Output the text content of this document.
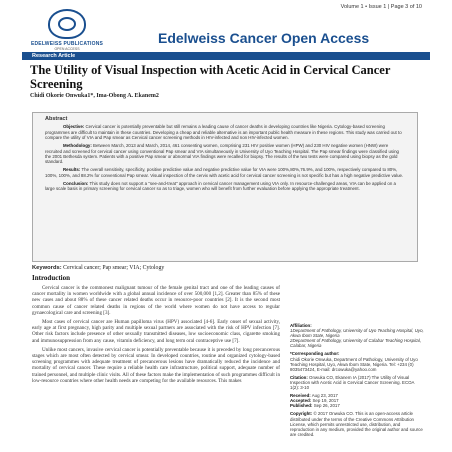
Volume 1 • Issue 1 | Page 3 of 10
EDELWEISS PUBLICATIONS
OPEN ACCESS
Edelweiss Cancer Open Access
Research Article
The Utility of Visual Inspection with Acetic Acid in Cervical Cancer Screening
Chidi Okorie Onwuka1*, Ima-Obong A. Ekanem2
Abstract

Objective: Cervical cancer is potentially preventable but still remains a leading cause of cancer deaths in developing countries like Nigeria. Cytology-based screening programmes are difficult to maintain in these countries. Developing a cheap and reliable alternative is an important public health measure in these regions. This study was carried out to compare the utility of VIA and Pap smear as Cervical cancer screening methods in HIV-infected and non HIV-infected women.

Methodology: Between March, 2013 and March, 2014, 461 consenting women, comprising 231 HIV positive women (HPW) and 230 HIV negative women (HNW) were recruited and screened for cervical cancer using conventional Pap smear and VIA simultaneously in University of Uyo Teaching Hospital. The Pap smear findings were classified using the 2001 Bethesda system. Patients with a positive Pap smear or abnormal VIA findings were recalled for biopsy. The results of the two tests were compared using biopsy as the gold standard.

Results: The overall sensitivity, specificity, positive predictive value and negative predictive value for VIA were 100%,80%,76.9%, and 100%, respectively compared to 80%, 100%, 100%, and 88.2% for conventional Pap smear. Visual inspection of the cervix with acetic acid for cervical cancer screening is not specific but has a high negative predictive value.

Conclusion: This study does not support a "see-and-treat" approach in cervical cancer management using VIA only. In resource-challenged areas, VIA can be applied on a large scale basis in primary screening for cervical cancer so as to triage, women who will benefit from further evaluation before applying the appropriate treatment.

Keywords: Cervical cancer; Pap smear; VIA; Cytology
Introduction

Cervical cancer is the commonest malignant tumour of the female genital tract and one of the leading causes of cancer mortality in women worldwide with a global annual incidence of over 500,000 [1,2]. Greater than 85% of these new cases and about 88% of these cancer related deaths occur in resource-poor countries [2]. It is the second most common cause of cancer related deaths in regions of the world where women do not have access to regular gynaecological care and screening [3].

Most cases of cervical cancer are Human papilloma virus (HPV) associated [4-6]. Early onset of sexual activity, early age at first pregnancy, high parity and multiple sexual partners are associated with the risk of HPV infection [7]. Other risk factors include presence of other sexually transmitted diseases, low socioeconomic class, cigarette smoking and immunosuppression from any cause, vitamin deficiency, and long term oral contraceptive use [7].

Unlike most cancers, invasive cervical cancer is potentially preventable because it is preceded by long precancerous stages which are most often detected by cervical smear. In developed countries, routine and organized cytology-based screening programmes with adequate treatment of precancerous lesions have dramatically reduced the incidence and mortality of cervical cancer. These require a reliable health care infrastructure, political support, adequate number of trained personnel, and multiple clinic visits. All of these factors make the implementation of such programmes difficult in low-resource countries where other health needs are competing for the available resources. This makes

Affiliation:
1Department of Pathology, University of Uyo Teaching Hospital, Uyo, Akwa Ibom State, Nigeria
2Department of Pathology, University of Calabar Teaching Hospital, Calabar, Nigeria
*Corresponding author:
Chidi Okorie Onwuka, Department of Pathology, University of Uyo Teaching Hospital, Uyo, Akwa Ibom State, Nigeria. Tel: +234 (0) 8035473424, E-mail: drcowuka@yahoo.com
Citation: Onwuka CO, Ekanem IA (2017) The Utility of Visual Inspection with Acetic Acid in Cervical Cancer Screening. ECOA 1(2): 3-10
Received: Aug 23, 2017
Accepted: Sep 19, 2017
Published: Sep 26, 2017
Copyright: © 2017 Onwuka CO. This is an open-access article distributed under the terms of the Creative Commons Attribution License, which permits unrestricted use, distribution, and reproduction in any medium, provided the original author and source are credited.
